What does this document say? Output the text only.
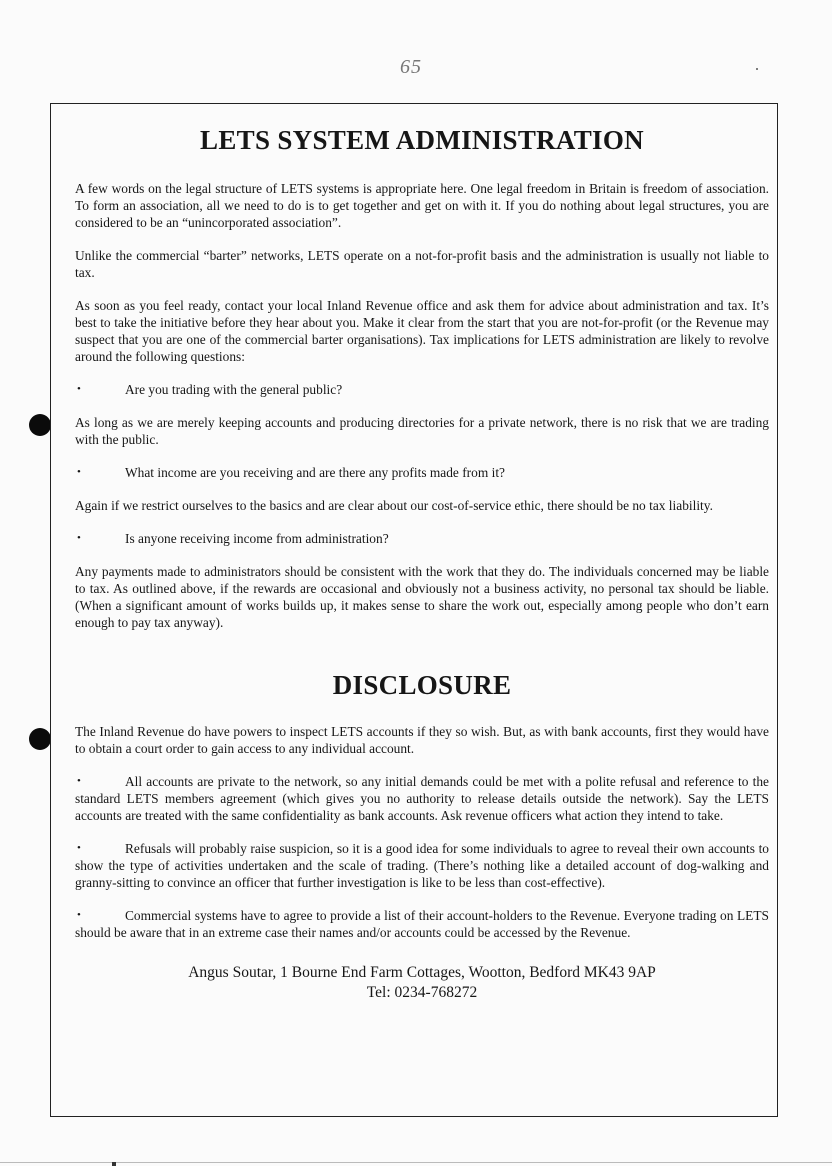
65
LETS SYSTEM ADMINISTRATION

A few words on the legal structure of LETS systems is appropriate here. One legal freedom in Britain is freedom of association. To form an association, all we need to do is to get together and get on with it. If you do nothing about legal structures, you are considered to be an “unincorporated association”.

Unlike the commercial “barter” networks, LETS operate on a not-for-profit basis and the administration is usually not liable to tax.

As soon as you feel ready, contact your local Inland Revenue office and ask them for advice about administration and tax. It’s best to take the initiative before they hear about you. Make it clear from the start that you are not-for-profit (or the Revenue may suspect that you are one of the commercial barter organisations). Tax implications for LETS administration are likely to revolve around the following questions:

•	Are you trading with the general public?

As long as we are merely keeping accounts and producing directories for a private network, there is no risk that we are trading with the public.

•	What income are you receiving and are there any profits made from it?

Again if we restrict ourselves to the basics and are clear about our cost-of-service ethic, there should be no tax liability.

•	Is anyone receiving income from administration?

Any payments made to administrators should be consistent with the work that they do. The individuals concerned may be liable to tax. As outlined above, if the rewards are occasional and obviously not a business activity, no personal tax should be liable. (When a significant amount of works builds up, it makes sense to share the work out, especially among people who don’t earn enough to pay tax anyway).

DISCLOSURE

The Inland Revenue do have powers to inspect LETS accounts if they so wish. But, as with bank accounts, first they would have to obtain a court order to gain access to any individual account.

•	All accounts are private to the network, so any initial demands could be met with a polite refusal and reference to the standard LETS members agreement (which gives you no authority to release details outside the network). Say the LETS accounts are treated with the same confidentiality as bank accounts. Ask revenue officers what action they intend to take.
•	Refusals will probably raise suspicion, so it is a good idea for some individuals to agree to reveal their own accounts to show the type of activities undertaken and the scale of trading. (There’s nothing like a detailed account of dog-walking and granny-sitting to convince an officer that further investigation is like to be less than cost-effective).
•	Commercial systems have to agree to provide a list of their account-holders to the Revenue. Everyone trading on LETS should be aware that in an extreme case their names and/or accounts could be accessed by the Revenue.
Angus Soutar, 1 Bourne End Farm Cottages, Wootton, Bedford MK43 9AP
Tel: 0234-768272
